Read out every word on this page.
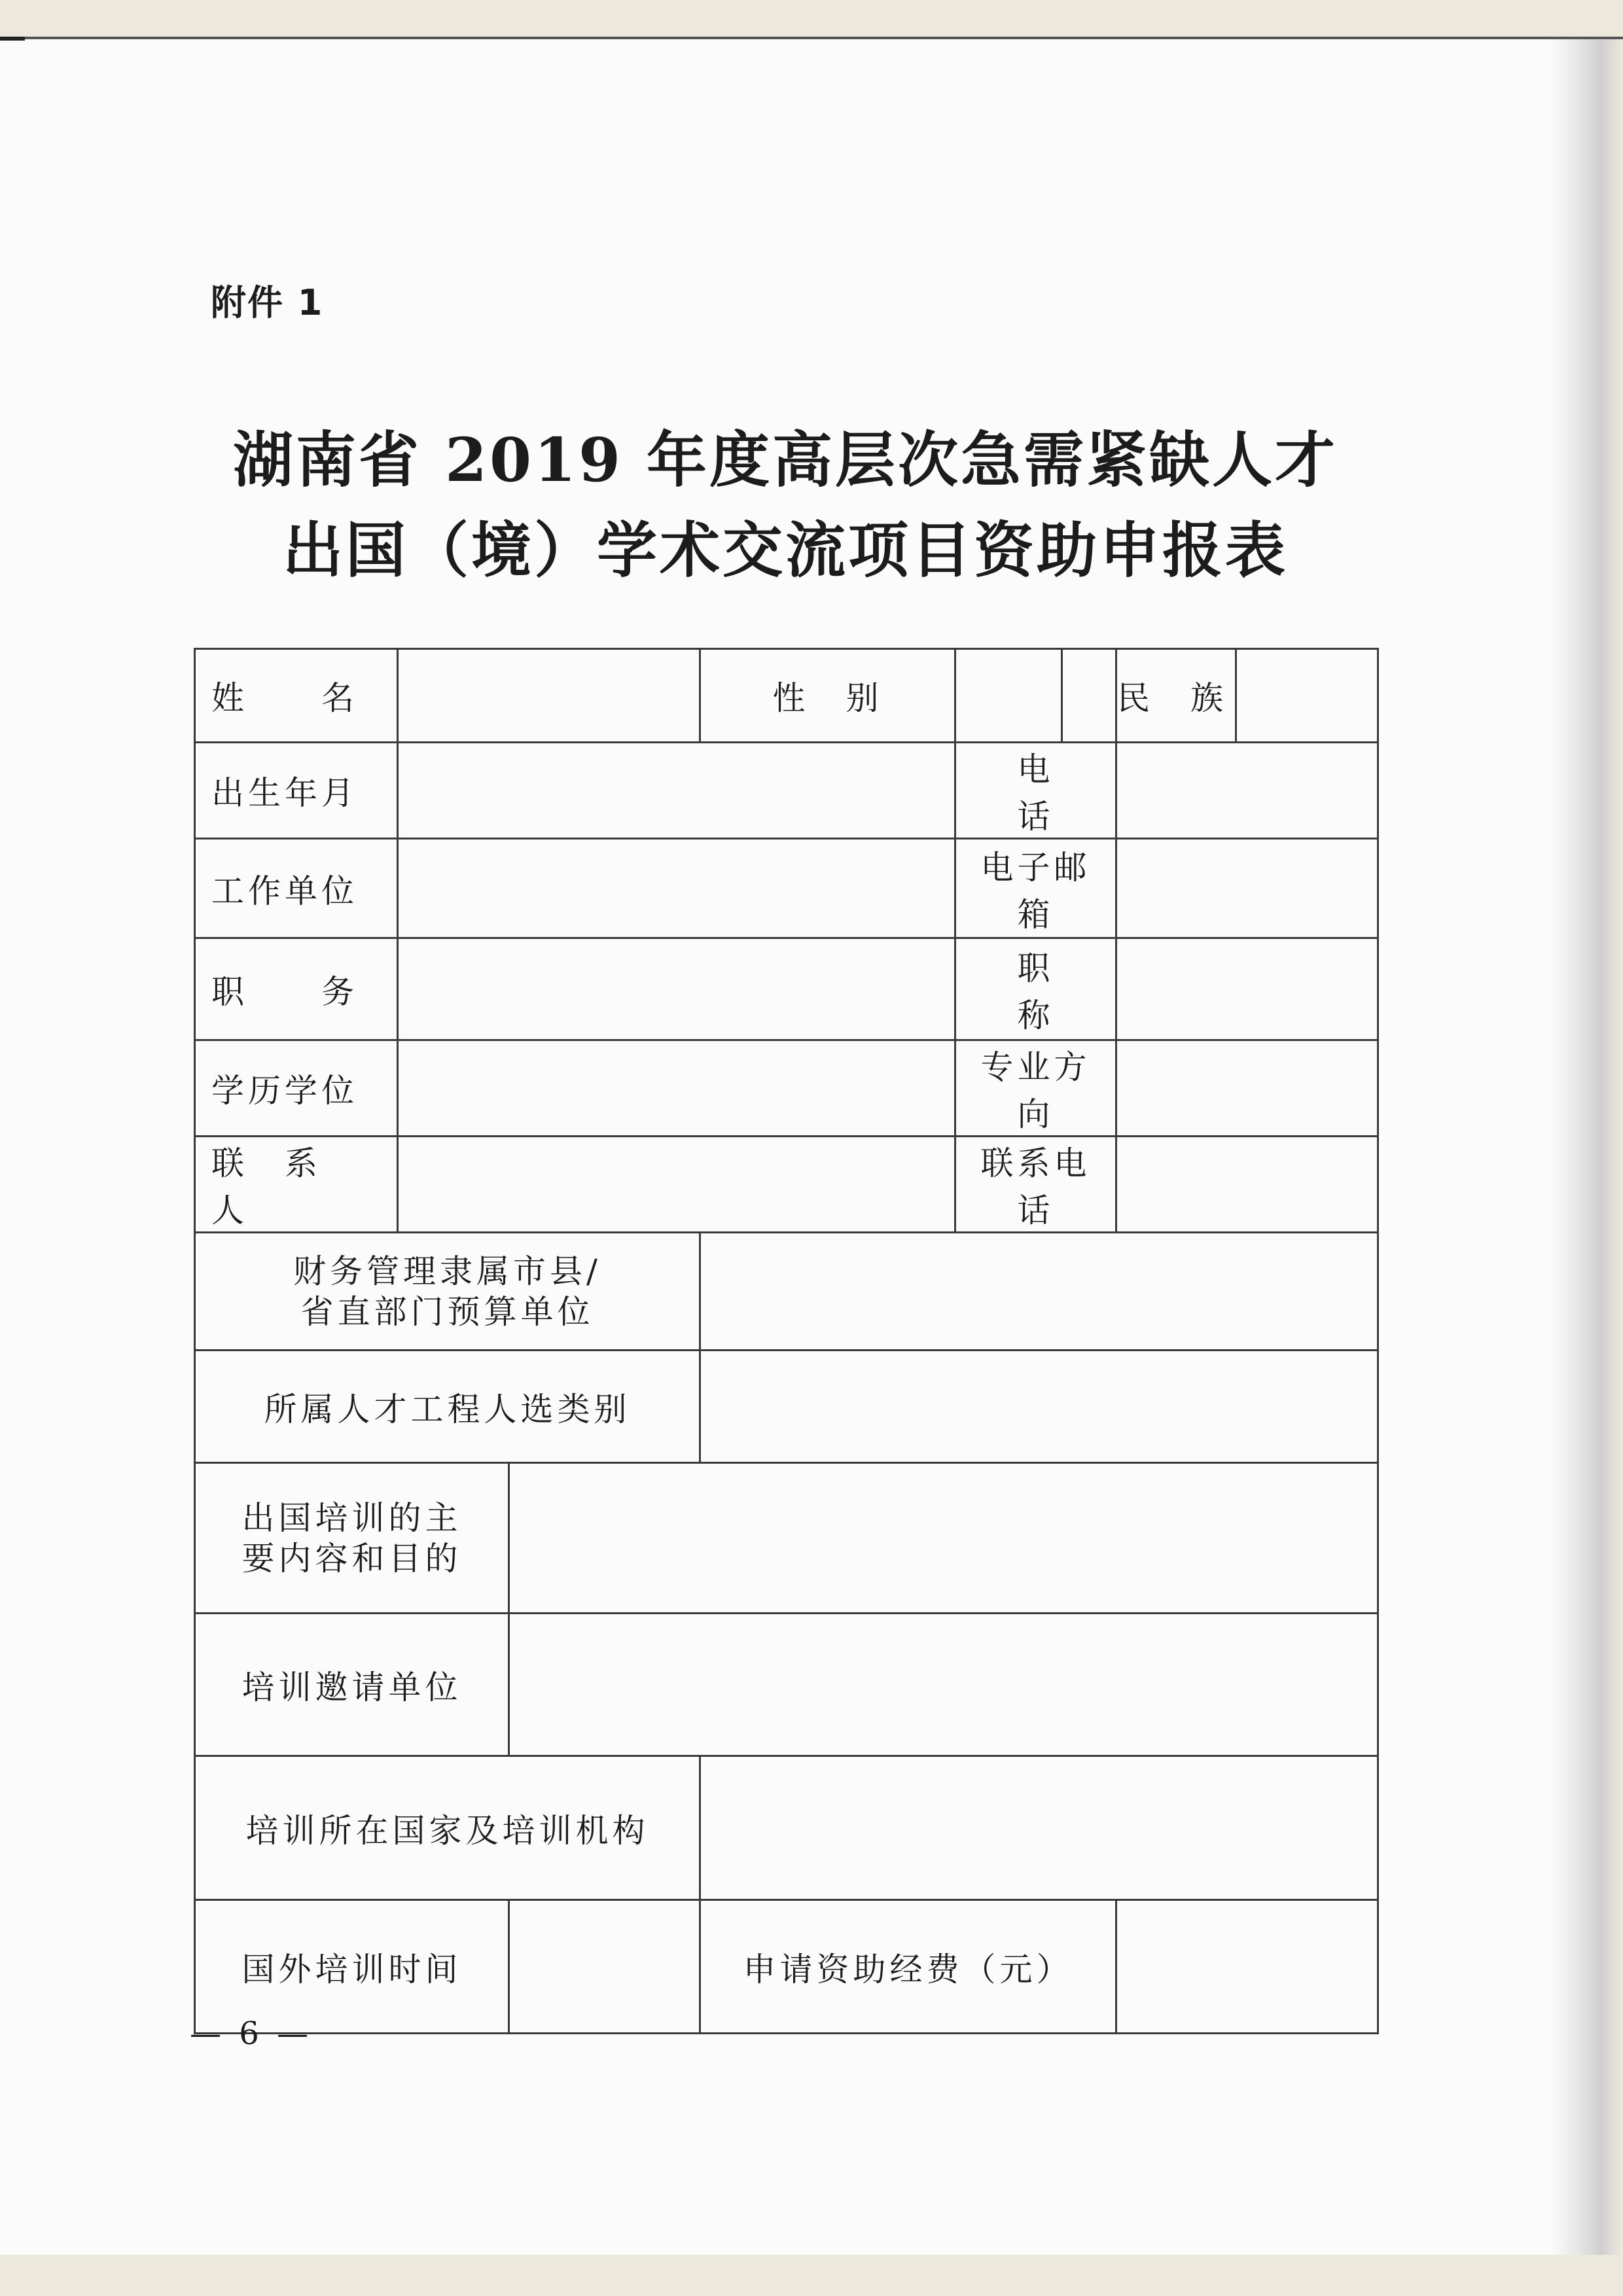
附件 1
湖南省 2019 年度高层次急需紧缺人才
出国（境）学术交流项目资助申报表
姓　　名			性　别		民　族

出生年月				电　　话	
工作单位				电子邮箱	
职　　务				职　　称	
学历学位				专业方向	
联　系　人				联系电话	

财务管理隶属市县/
省直部门预算单位					

所属人才工程人选类别					

出国培训的主
要内容和目的					

培训邀请单位					
培训所在国家及培训机构					
国外培训时间			申请资助经费（元）		
— 6 —
